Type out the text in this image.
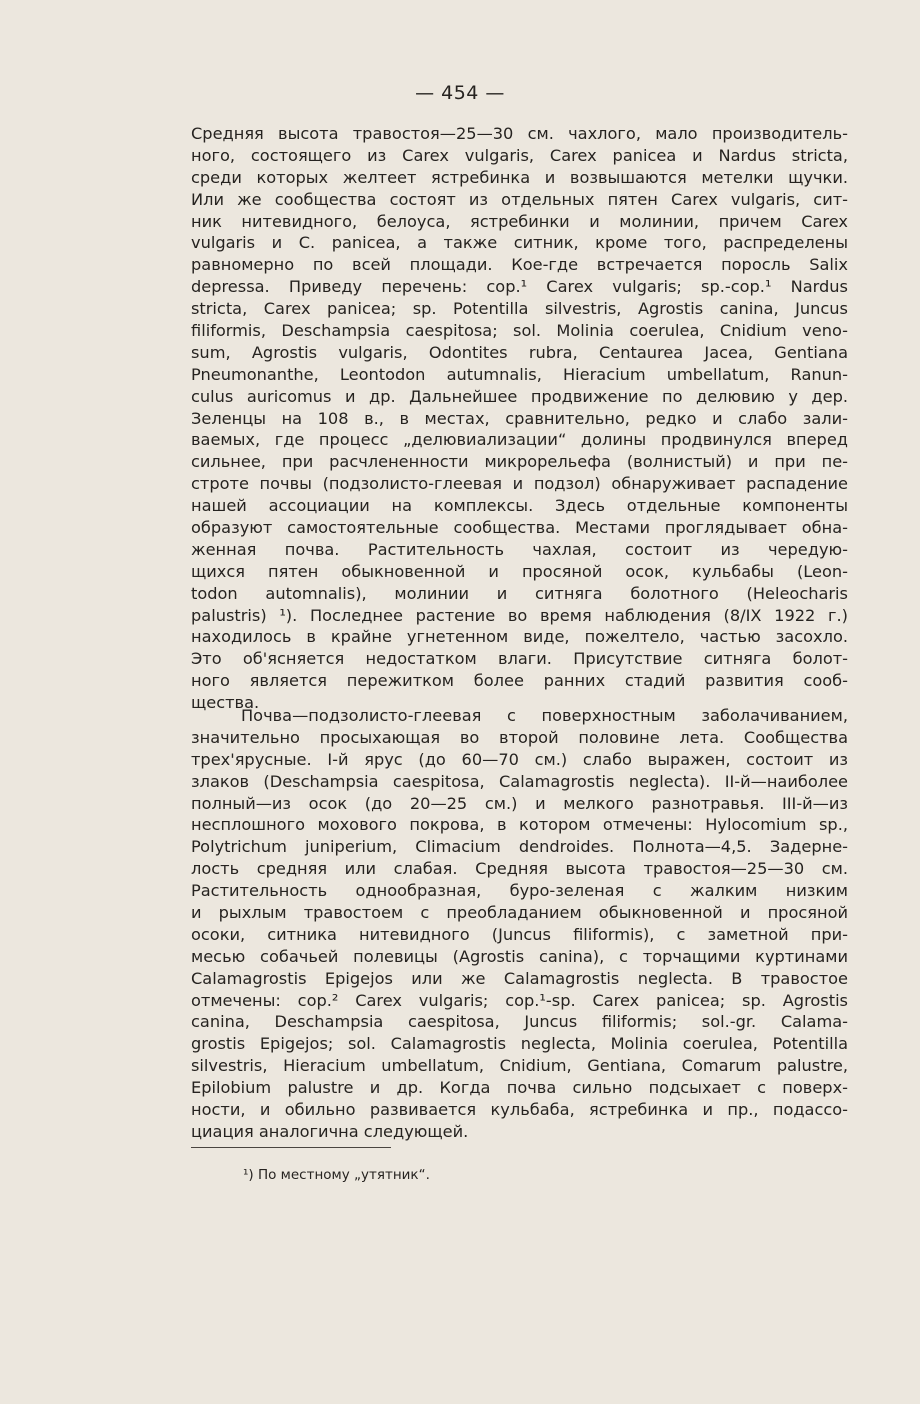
— 454 —
Средняя высота травостоя—25—30 см. чахлого, мало производитель-
ного, состоящего из Carex vulgaris, Carex panicea и Nardus stricta,
среди которых желтеет ястребинка и возвышаются метелки щучки.
Или же сообщества состоят из отдельных пятен Carex vulgaris, сит-
ник нитевидного, белоуса, ястребинки и молинии, причем Carex
vulgaris и С. panicea, а также ситник, кроме того, распределены
равномерно по всей площади. Кое-где встречается поросль Salix
depressa. Приведу перечень: cop.¹ Carex vulgaris; sp.-cop.¹ Nardus
stricta, Carex panicea; sp. Potentilla silvestris, Agrostis canina, Juncus
filiformis, Deschampsia caespitosa; sol. Molinia coerulea, Cnidium veno-
sum, Agrostis vulgaris, Odontites rubra, Centaurea Jacea, Gentiana
Pneumonanthe, Leontodon autumnalis, Hieracium umbellatum, Ranun-
culus auricomus и др. Дальнейшее продвижение по делювию у дер.
Зеленцы на 108 в., в местах, сравнительно, редко и слабо зали-
ваемых, где процесс „делювиализации“ долины продвинулся вперед
сильнее, при расчлененности микрорельефа (волнистый) и при пе-
строте почвы (подзолисто-глеевая и подзол) обнаруживает распадение
нашей ассоциации на комплексы. Здесь отдельные компоненты
образуют самостоятельные сообщества. Местами проглядывает обна-
женная почва. Растительность чахлая, состоит из чередую-
щихся пятен обыкновенной и просяной осок, кульбабы (Leon-
todon automnalis), молинии и ситняга болотного (Heleocharis
palustris) ¹). Последнее растение во время наблюдения (8/IX 1922 г.)
находилось в крайне угнетенном виде, пожелтело, частью засохло.
Это об'ясняется недостатком влаги. Присутствие ситняга болот-
ного является пережитком более ранних стадий развития сооб-
щества.
Почва—подзолисто-глеевая с поверхностным заболачиванием,
значительно просыхающая во второй половине лета. Сообщества
трех'ярусные. I-й ярус (до 60—70 см.) слабо выражен, состоит из
злаков (Deschampsia caespitosa, Calamagrostis neglecta). II-й—наиболее
полный—из осок (до 20—25 см.) и мелкого разнотравья. III-й—из
несплошного мохового покрова, в котором отмечены: Hylocomium sp.,
Polytrichum juniperium, Climacium dendroides. Полнота—4,5. Задерне-
лость средняя или слабая. Средняя высота травостоя—25—30 см.
Растительность однообразная, буро-зеленая с жалким низким
и рыхлым травостоем с преобладанием обыкновенной и просяной
осоки, ситника нитевидного (Juncus filiformis), с заметной при-
месью собачьей полевицы (Agrostis canina), с торчащими куртинами
Calamagrostis Epigejos или же Calamagrostis neglecta. В травостое
отмечены: cop.² Carex vulgaris; cop.¹-sp. Carex panicea; sp. Agrostis
canina, Deschampsia caespitosa, Juncus filiformis; sol.-gr. Calama-
grostis Epigejos; sol. Calamagrostis neglecta, Molinia coerulea, Potentilla
silvestris, Hieracium umbellatum, Cnidium, Gentiana, Comarum palustre,
Epilobium palustre и др. Когда почва сильно подсыхает с поверх-
ности, и обильно развивается кульбаба, ястребинка и пр., подассо-
циация аналогична следующей.
¹) По местному „утятник“.
